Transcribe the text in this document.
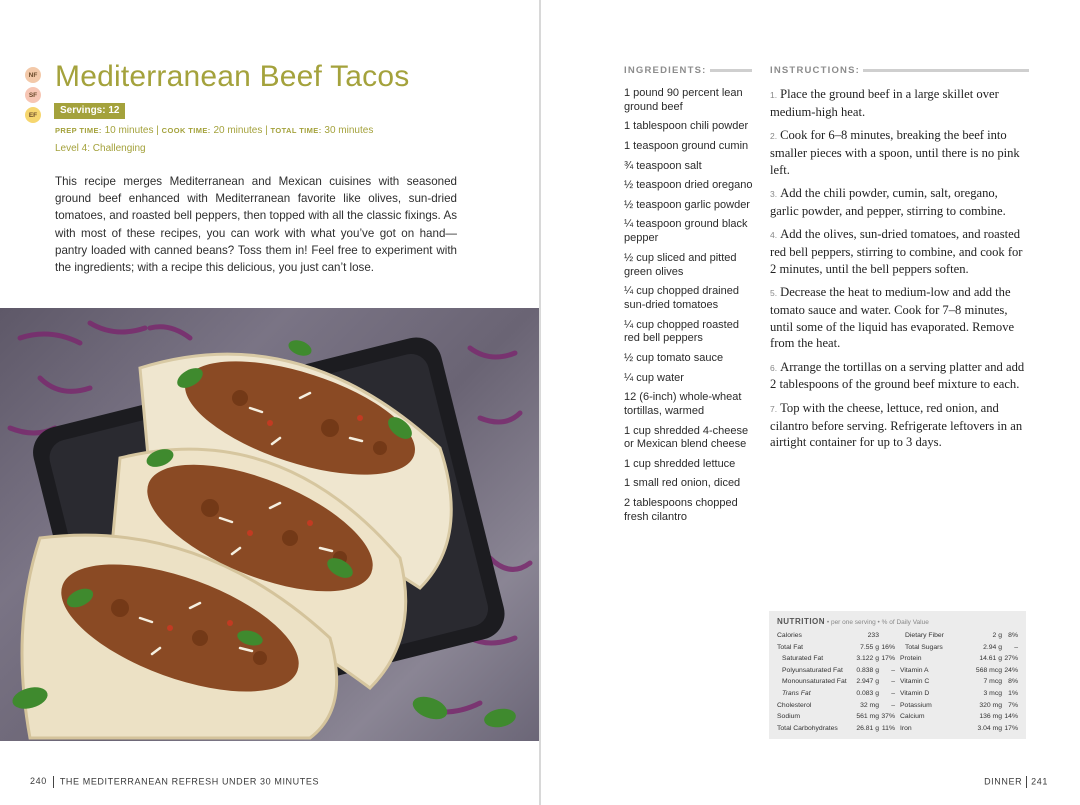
NF
SF
EF
Mediterranean Beef Tacos
Servings: 12
PREP TIME: 10 minutes | COOK TIME: 20 minutes | TOTAL TIME: 30 minutes
Level 4: Challenging

This recipe merges Mediterranean and Mexican cuisines with seasoned ground beef enhanced with Mediterranean favorite like olives, sun-dried tomatoes, and roasted bell peppers, then topped with all the classic fixings. As with most of these recipes, you can work with what you’ve got on hand—pantry loaded with canned beans? Toss them in! Feel free to experiment with the ingredients; with a recipe this delicious, you just can’t lose.

240 THE MEDITERRANEAN REFRESH UNDER 30 MINUTES
INGREDIENTS:
1 pound 90 percent lean ground beef
1 tablespoon chili powder
1 teaspoon ground cumin
¾ teaspoon salt
½ teaspoon dried oregano
½ teaspoon garlic powder
¼ teaspoon ground black pepper
½ cup sliced and pitted green olives
¼ cup chopped drained sun-dried tomatoes
¼ cup chopped roasted red bell peppers
½ cup tomato sauce
¼ cup water
12 (6-inch) whole-wheat tortillas, warmed
1 cup shredded 4-cheese or Mexican blend cheese
1 cup shredded lettuce
1 small red onion, diced
2 tablespoons chopped fresh cilantro
INSTRUCTIONS:
1. Place the ground beef in a large skillet over medium-high heat.
2. Cook for 6–8 minutes, breaking the beef into smaller pieces with a spoon, until there is no pink left.
3. Add the chili powder, cumin, salt, oregano, garlic powder, and pepper, stirring to combine.
4. Add the olives, sun-dried tomatoes, and roasted red bell peppers, stirring to combine, and cook for 2 minutes, until the bell peppers soften.
5. Decrease the heat to medium-low and add the tomato sauce and water. Cook for 7–8 minutes, until some of the liquid has evaporated. Remove from the heat.
6. Arrange the tortillas on a serving platter and add 2 tablespoons of the ground beef mixture to each.
7. Top with the cheese, lettuce, red onion, and cilantro before serving. Refrigerate leftovers in an airtight container for up to 3 days.
NUTRITION • per one serving • % of Daily Value
Calories	233
Total Fat	7.55 g 16%
Saturated Fat	3.122 g 17%
Polyunsaturated Fat	0.838 g	–
Monounsaturated Fat	2.947 g	–
Trans Fat	0.083 g	–
Cholesterol	32 mg	–
Sodium	561 mg 37%
Total Carbohydrates	26.81 g 11%
Dietary Fiber	2 g 8%
Total Sugars	2.94 g	–
Protein	14.61 g 27%
Vitamin A	568 mcg 24%
Vitamin C	7 mcg 8%
Vitamin D	3 mcg 1%
Potassium	320 mg 7%
Calcium	136 mg 14%
Iron	3.04 mg 17%
DINNER 241
